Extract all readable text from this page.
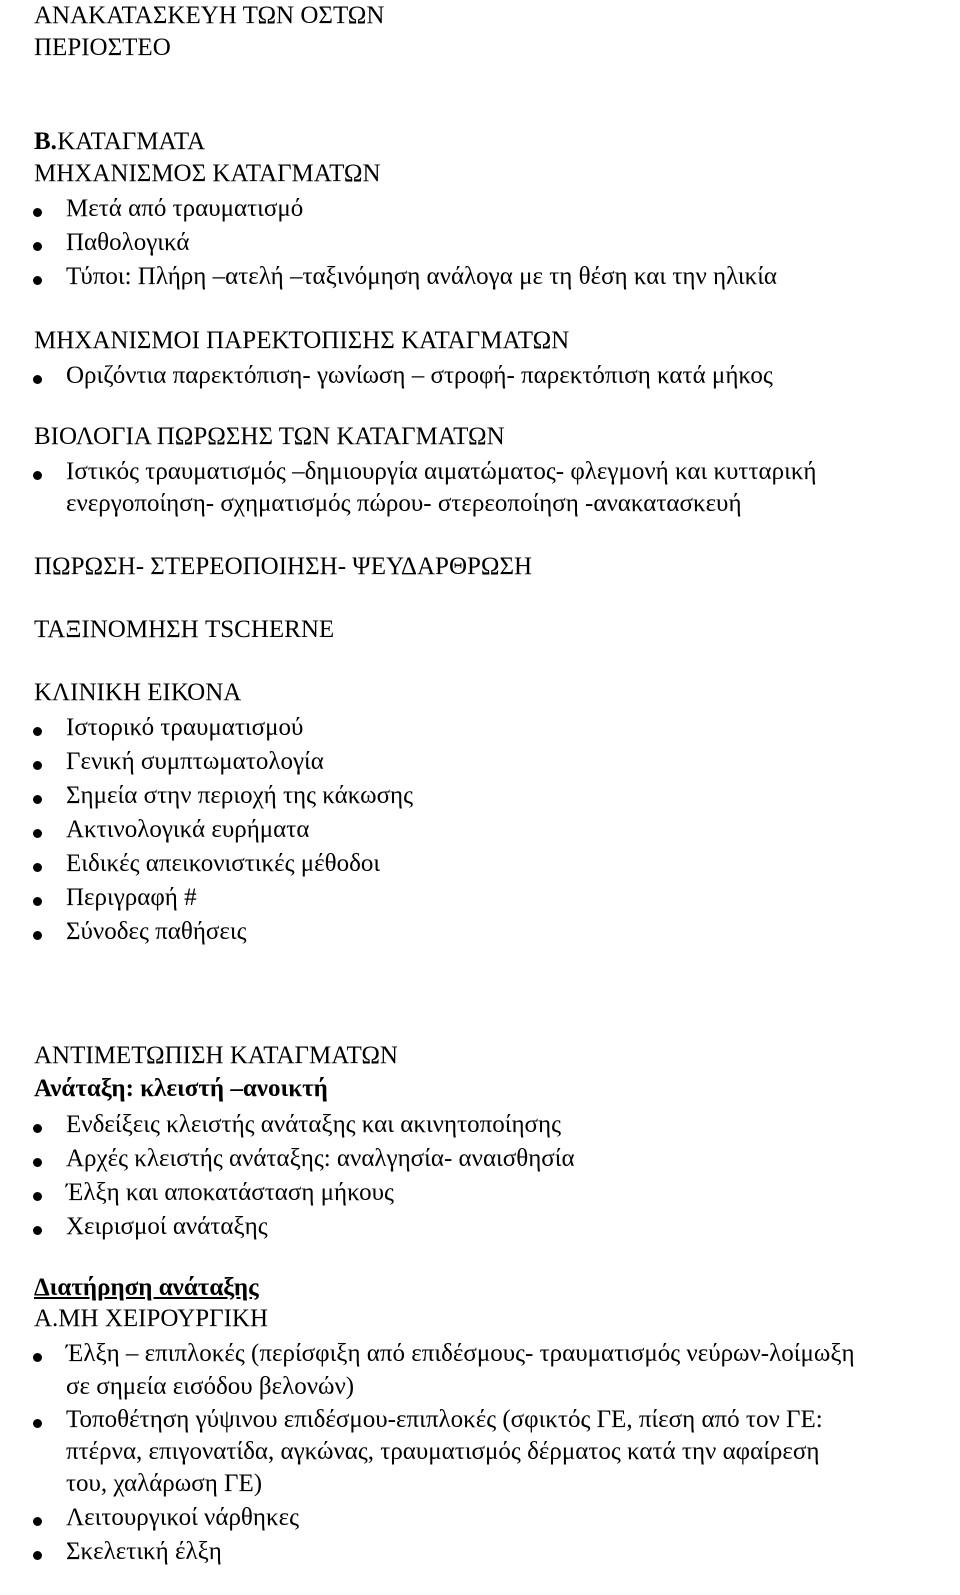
ΑΝΑΚΑΤΑΣΚΕΥΗ ΤΩΝ ΟΣΤΩΝ
ΠΕΡΙΟΣΤΕΟ
Β. ΚΑΤΑΓΜΑΤΑ
ΜΗΧΑΝΙΣΜΟΣ ΚΑΤΑΓΜΑΤΩΝ
Μετά από τραυματισμό
Παθολογικά
Τύποι: Πλήρη –ατελή –ταξινόμηση ανάλογα με τη θέση και την ηλικία
ΜΗΧΑΝΙΣΜΟΙ ΠΑΡΕΚΤΟΠΙΣΗΣ ΚΑΤΑΓΜΑΤΩΝ
Οριζόντια παρεκτόπιση- γωνίωση – στροφή- παρεκτόπιση κατά μήκος
ΒΙΟΛΟΓΙΑ ΠΩΡΩΣΗΣ ΤΩΝ ΚΑΤΑΓΜΑΤΩΝ
Ιστικός τραυματισμός –δημιουργία αιματώματος- φλεγμονή και κυτταρική
ενεργοποίηση- σχηματισμός πώρου- στερεοποίηση -ανακατασκευή
ΠΩΡΩΣΗ- ΣΤΕΡΕΟΠΟΙΗΣΗ- ΨΕΥΔΑΡΘΡΩΣΗ
ΤΑΞΙΝΟΜΗΣΗ TSCHERNE
ΚΛΙΝΙΚΗ ΕΙΚΟΝΑ
Ιστορικό τραυματισμού
Γενική συμπτωματολογία
Σημεία στην περιοχή της κάκωσης
Ακτινολογικά ευρήματα
Ειδικές απεικονιστικές μέθοδοι
Περιγραφή #
Σύνοδες παθήσεις
ΑΝΤΙΜΕΤΩΠΙΣΗ ΚΑΤΑΓΜΑΤΩΝ
Ανάταξη: κλειστή –ανοικτή
Ενδείξεις κλειστής ανάταξης και ακινητοποίησης
Αρχές κλειστής ανάταξης: αναλγησία- αναισθησία
Έλξη και αποκατάσταση μήκους
Χειρισμοί ανάταξης
Διατήρηση ανάταξης
Α.ΜΗ ΧΕΙΡΟΥΡΓΙΚΗ
Έλξη – επιπλοκές (περίσφιξη από επιδέσμους- τραυματισμός νεύρων-λοίμωξη
σε σημεία εισόδου βελονών)
Τοποθέτηση γύψινου επιδέσμου-επιπλοκές (σφικτός ΓΕ, πίεση από τον ΓΕ:
πτέρνα, επιγονατίδα, αγκώνας, τραυματισμός δέρματος κατά την αφαίρεση
του, χαλάρωση ΓΕ)
Λειτουργικοί νάρθηκες
Σκελετική έλξη
